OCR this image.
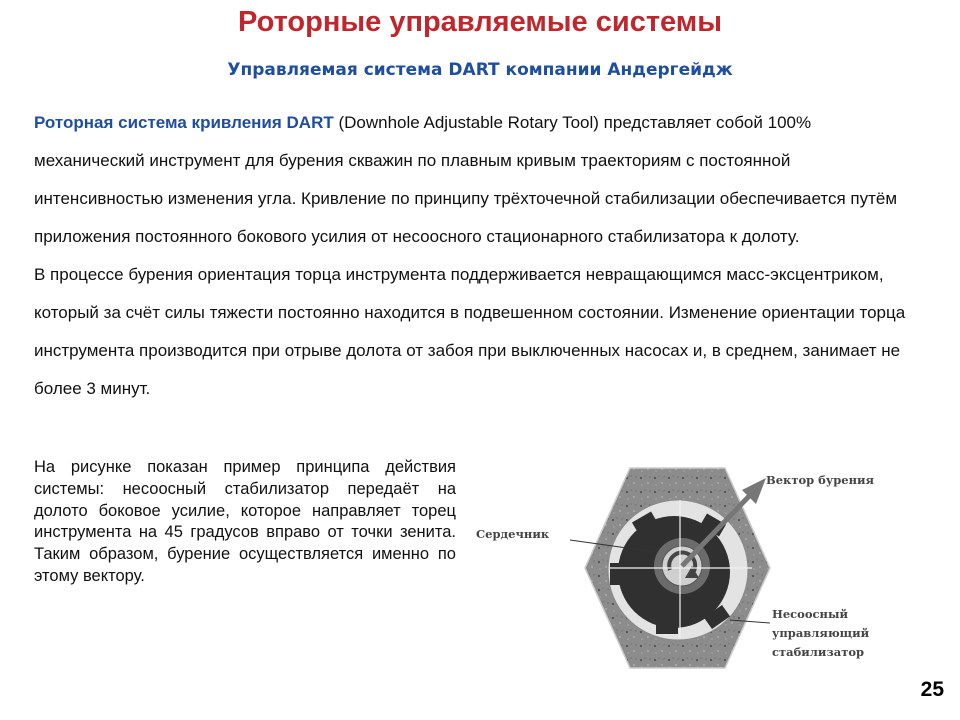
Роторные управляемые системы
Управляемая система DART компании Андергейдж

Роторная система кривления DART (Downhole Adjustable Rotary Tool) представляет собой 100% механический инструмент для бурения скважин по плавным кривым траекториям с постоянной интенсивностью изменения угла. Кривление по принципу трёхточечной стабилизации обеспечивается путём приложения постоянного бокового усилия от несоосного стационарного стабилизатора к долоту.

В процессе бурения ориентация торца инструмента поддерживается невращающимся масс-эксцентриком, который за счёт силы тяжести постоянно находится в подвешенном состоянии. Изменение ориентации торца инструмента производится при отрыве долота от забоя при выключенных насосах и, в среднем, занимает не более 3 минут.

На рисунке показан пример принципа действия системы: несоосный стабилизатор передаёт на долото боковое усилие, которое направляет торец инструмента на 45 градусов вправо от точки зенита. Таким образом, бурение осуществляется именно по этому вектору.
Вектор бурения
Сердечник
Несоосный
управляющий
стабилизатор
25
